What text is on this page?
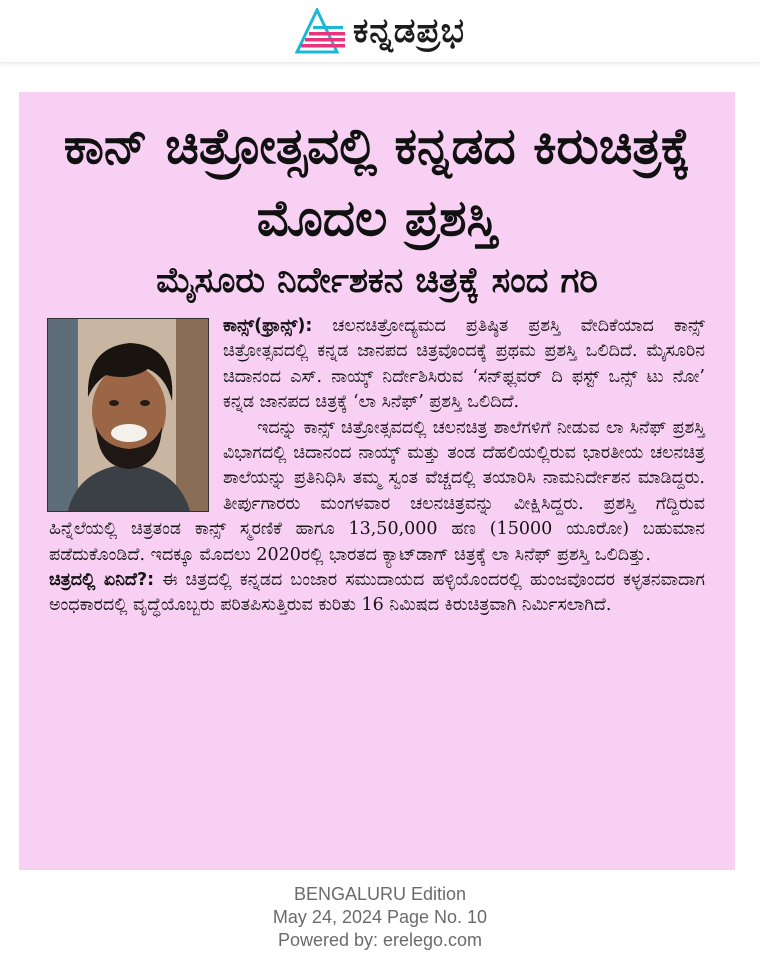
ಕನ್ನಡಪ್ರಭ
ಕಾನ್ ಚಿತ್ರೋತ್ಸವಲ್ಲಿ ಕನ್ನಡದ ಕಿರುಚಿತ್ರಕ್ಕೆ ಮೊದಲ ಪ್ರಶಸ್ತಿ
ಮೈಸೂರು ನಿರ್ದೇಶಕನ ಚಿತ್ರಕ್ಕೆ ಸಂದ ಗರಿ

ಕಾನ್ಸ್(ಫ್ರಾನ್ಸ್): ಚಲನಚಿತ್ರೋದ್ಯಮದ ಪ್ರತಿಷ್ಠಿತ ಪ್ರಶಸ್ತಿ ವೇದಿಕೆಯಾದ ಕಾನ್ಸ್ ಚಿತ್ರೋತ್ಸವದಲ್ಲಿ ಕನ್ನಡ ಜಾನಪದ ಚಿತ್ರವೊಂದಕ್ಕೆ ಪ್ರಥಮ ಪ್ರಶಸ್ತಿ ಒಲಿದಿದೆ. ಮೈಸೂರಿನ ಚಿದಾನಂದ ಎಸ್. ನಾಯ್ಕ್ ನಿರ್ದೇಶಿಸಿರುವ ‘ಸನ್‌ಫ್ಲವರ್ ದಿ ಫಸ್ಟ್ ಒನ್ಸ್ ಟು ನೋ’ ಕನ್ನಡ ಜಾನಪದ ಚಿತ್ರಕ್ಕೆ ‘ಲಾ ಸಿನೆಫ್’ ಪ್ರಶಸ್ತಿ ಒಲಿದಿದೆ.

ಇದನ್ನು ಕಾನ್ಸ್ ಚಿತ್ರೋತ್ಸವದಲ್ಲಿ ಚಲನಚಿತ್ರ ಶಾಲೆಗಳಿಗೆ ನೀಡುವ ಲಾ ಸಿನೆಫ್ ಪ್ರಶಸ್ತಿ ವಿಭಾಗದಲ್ಲಿ ಚಿದಾನಂದ ನಾಯ್ಕ್ ಮತ್ತು ತಂಡ ದೆಹಲಿಯಲ್ಲಿರುವ ಭಾರತೀಯ ಚಲನಚಿತ್ರ ಶಾಲೆಯನ್ನು ಪ್ರತಿನಿಧಿಸಿ ತಮ್ಮ ಸ್ವಂತ ವೆಚ್ಚದಲ್ಲಿ ತಯಾರಿಸಿ ನಾಮನಿರ್ದೇಶನ ಮಾಡಿದ್ದರು. ತೀರ್ಪುಗಾರರು ಮಂಗಳವಾರ ಚಲನಚಿತ್ರವನ್ನು ವೀಕ್ಷಿಸಿದ್ದರು. ಪ್ರಶಸ್ತಿ ಗೆದ್ದಿರುವ ಹಿನ್ನೆಲೆಯಲ್ಲಿ ಚಿತ್ರತಂಡ ಕಾನ್ಸ್ ಸ್ಮರಣಿಕೆ ಹಾಗೂ 13,50,000 ಹಣ (15000 ಯೂರೋ) ಬಹುಮಾನ ಪಡೆದುಕೊಂಡಿದೆ. ಇದಕ್ಕೂ ಮೊದಲು 2020ರಲ್ಲಿ ಭಾರತದ ಕ್ಯಾಟ್‌ಡಾಗ್ ಚಿತ್ರಕ್ಕೆ ಲಾ ಸಿನೆಫ್ ಪ್ರಶಸ್ತಿ ಒಲಿದಿತ್ತು.

ಚಿತ್ರದಲ್ಲಿ ಏನಿದೆ?: ಈ ಚಿತ್ರದಲ್ಲಿ ಕನ್ನಡದ ಬಂಜಾರ ಸಮುದಾಯದ ಹಳ್ಳಿಯೊಂದರಲ್ಲಿ ಹುಂಜವೊಂದರ ಕಳ್ಳತನವಾದಾಗ ಅಂಧಕಾರದಲ್ಲಿ ವೃದ್ಧೆಯೊಬ್ಬರು ಪರಿತಪಿಸುತ್ತಿರುವ ಕುರಿತು 16 ನಿಮಿಷದ ಕಿರುಚಿತ್ರವಾಗಿ ನಿರ್ಮಿಸಲಾಗಿದೆ.

BENGALURU Edition
May 24, 2024 Page No. 10
Powered by: erelego.com
